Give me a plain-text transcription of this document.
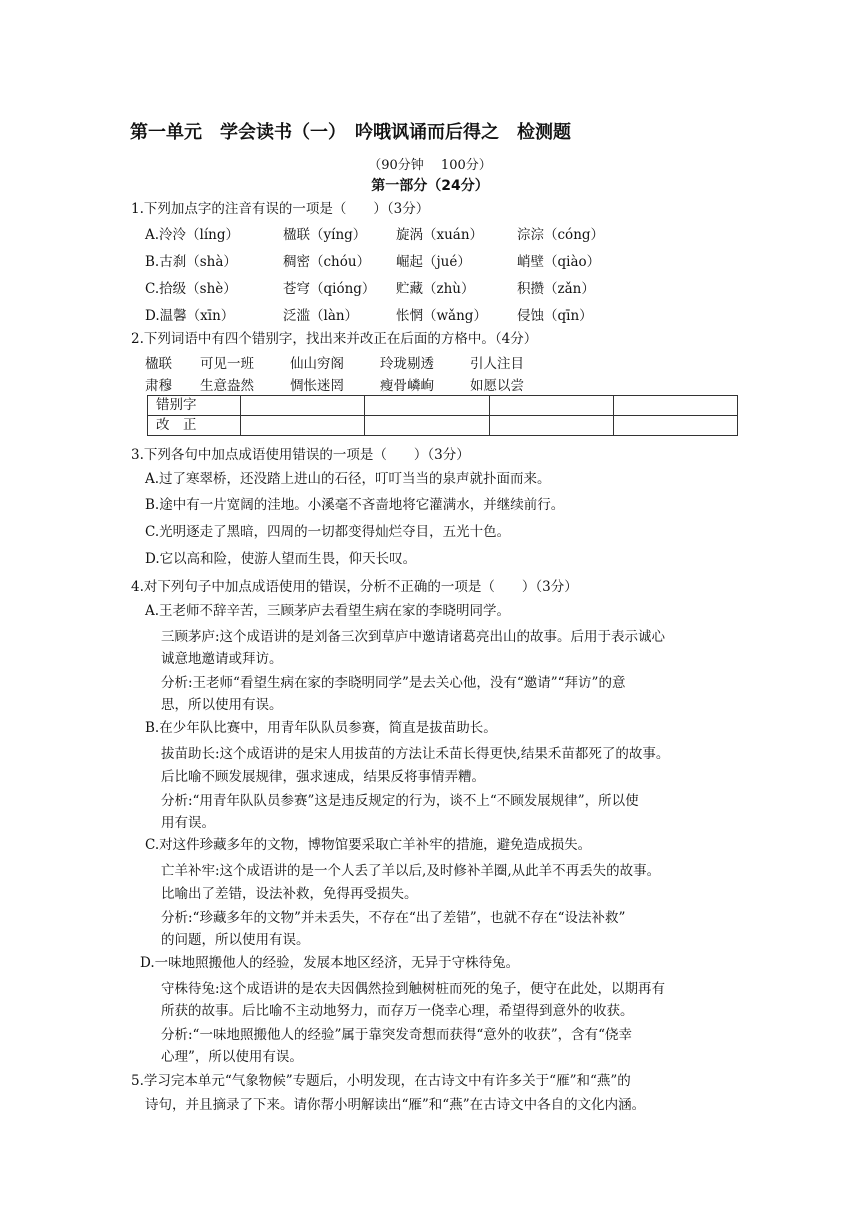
第一单元　学会读书（一）　吟哦讽诵而后得之　检测题
（90分钟　 100分）
第一部分（24分）
1.下列加点字的注音有误的一项是（　　）（3分）
A.泠泠（líng）	楹联（yíng） 旋涡（xuán）	淙淙（cóng）
B.古刹（shà）	稠密（chóu） 崛起（jué）	峭壁（qiào）
C.拾级（shè）	苍穹（qióng） 贮藏（zhù）	积攒（zǎn）
D.温馨（xīn）	泛滥（làn）	怅惘（wǎng） 侵蚀（qīn）
2.下列词语中有四个错别字，找出来并改正在后面的方格中。（4分）
楹联 可见一班	仙山穷阁	玲珑剔透	引人注目
肃穆 生意盎然	惆怅迷罔	瘦骨嶙峋	如愿以尝
错别字				
改　正				
3.下列各句中加点成语使用错误的一项是（　　）（3分）
A.过了寒翠桥，还没踏上进山的石径，叮叮当当的泉声就扑面而来。
B.途中有一片宽阔的洼地。小溪毫不吝啬地将它灌满水，并继续前行。
C.光明逐走了黑暗，四周的一切都变得灿烂夺目，五光十色。
D.它以高和险，使游人望而生畏，仰天长叹。
4.对下列句子中加点成语使用的错误，分析不正确的一项是（　　）（3分）
A.王老师不辞辛苦，三顾茅庐去看望生病在家的李晓明同学。
三顾茅庐:这个成语讲的是刘备三次到草庐中邀请诸葛亮出山的故事。后用于表示诚心
诚意地邀请或拜访。
分析:王老师“看望生病在家的李晓明同学”是去关心他，没有“邀请”“拜访”的意
思，所以使用有误。
B.在少年队比赛中，用青年队队员参赛，简直是拔苗助长。
拔苗助长:这个成语讲的是宋人用拔苗的方法让禾苗长得更快,结果禾苗都死了的故事。
后比喻不顾发展规律，强求速成，结果反将事情弄糟。
分析:“用青年队队员参赛”这是违反规定的行为，谈不上“不顾发展规律”，所以使
用有误。
C.对这件珍藏多年的文物，博物馆要采取亡羊补牢的措施，避免造成损失。
亡羊补牢:这个成语讲的是一个人丢了羊以后,及时修补羊圈,从此羊不再丢失的故事。
比喻出了差错，设法补救，免得再受损失。
分析:“珍藏多年的文物”并未丢失，不存在“出了差错”，也就不存在“设法补救”
的问题，所以使用有误。
D.一味地照搬他人的经验，发展本地区经济，无异于守株待兔。
守株待兔:这个成语讲的是农夫因偶然捡到触树桩而死的兔子，便守在此处，以期再有
所获的故事。后比喻不主动地努力，而存万一侥幸心理，希望得到意外的收获。
分析:“一味地照搬他人的经验”属于靠突发奇想而获得“意外的收获”，含有“侥幸
心理”，所以使用有误。
5.学习完本单元“气象物候”专题后，小明发现，在古诗文中有许多关于“雁”和“燕”的
诗句，并且摘录了下来。请你帮小明解读出“雁”和“燕”在古诗文中各自的文化内涵。
